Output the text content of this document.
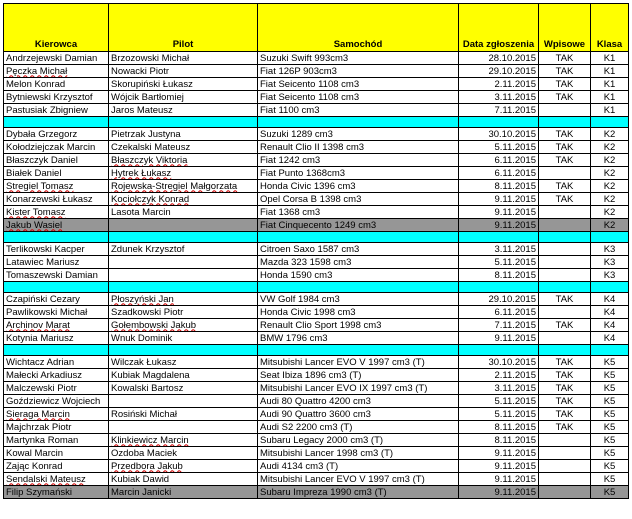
Kierowca	Pilot	Samochód	Data zgłoszenia	Wpisowe	Klasa
Andrzejewski Damian	Brzozowski Michał	Suzuki Swift 993cm3	28.10.2015	TAK	K1
Pęczka Michał	Nowacki Piotr	Fiat 126P 903cm3	29.10.2015	TAK	K1
Melon Konrad	Skorupiński Łukasz	Fiat Seicento 1108 cm3	2.11.2015	TAK	K1
Bytniewski Krzysztof	Wójcik Bartłomiej	Fiat Seicento 1108 cm3	3.11.2015	TAK	K1
Pastusiak Zbigniew	Jaros Mateusz	Fiat 1100 cm3	7.11.2015		K1

Dybała Grzegorz	Pietrzak Justyna	Suzuki 1289 cm3	30.10.2015	TAK	K2
Kołodziejczak Marcin	Czekalski Mateusz	Renault Clio II 1398 cm3	5.11.2015	TAK	K2
Błaszczyk Daniel	Błaszczyk Viktoria	Fiat 1242 cm3	6.11.2015	TAK	K2
Białek Daniel	Hytrek Łukasz	Fiat Punto 1368cm3	6.11.2015		K2
Stregiel Tomasz	Rojewska-Stregiel Małgorzata	Honda Civic 1396 cm3	8.11.2015	TAK	K2
Konarzewski Łukasz	Kociołczyk Konrad	Opel Corsa B 1398 cm3	9.11.2015	TAK	K2
Kister Tomasz	Lasota Marcin	Fiat 1368 cm3	9.11.2015		K2
Jakub Wasiel		Fiat Cinquecento 1249 cm3	9.11.2015		K2

Terlikowski Kacper	Zdunek Krzysztof	Citroen Saxo 1587 cm3	3.11.2015		K3
Latawiec Mariusz		Mazda 323 1598 cm3	5.11.2015		K3
Tomaszewski Damian		Honda 1590 cm3	8.11.2015		K3

Czapiński Cezary	Płoszyński Jan	VW Golf 1984 cm3	29.10.2015	TAK	K4
Pawlikowski Michał	Szadkowski Piotr	Honda Civic 1998 cm3	6.11.2015		K4
Archinov Marat	Gołembowski Jakub	Renault Clio Sport 1998 cm3	7.11.2015	TAK	K4
Kotynia Mariusz	Wnuk Dominik	BMW 1796 cm3	9.11.2015		K4

Wichtacz Adrian	Wilczak Łukasz	Mitsubishi Lancer EVO V 1997 cm3 (T)	30.10.2015	TAK	K5
Małecki Arkadiusz	Kubiak Magdalena	Seat Ibiza 1896 cm3 (T)	2.11.2015	TAK	K5
Malczewski Piotr	Kowalski Bartosz	Mitsubishi Lancer EVO IX 1997 cm3 (T)	3.11.2015	TAK	K5
Goździewicz Wojciech		Audi 80 Quattro 4200 cm3	5.11.2015	TAK	K5
Sieraga Marcin	Rosiński Michał	Audi 90 Quattro 3600 cm3	5.11.2015	TAK	K5
Majchrzak Piotr		Audi S2 2200 cm3 (T)	8.11.2015	TAK	K5
Martynka Roman	Klinkiewicz Marcin	Subaru Legacy 2000 cm3 (T)	8.11.2015		K5
Kowal Marcin	Ozdoba Maciek	Mitsubishi Lancer 1998 cm3 (T)	9.11.2015		K5
Zając Konrad	Przedbora Jakub	Audi 4134 cm3 (T)	9.11.2015		K5
Sendalski Mateusz	Kubiak Dawid	Mitsubishi Lancer EVO V 1997 cm3 (T)	9.11.2015		K5
Filip Szymański	Marcin Janicki	Subaru Impreza 1990 cm3 (T)	9.11.2015		K5
